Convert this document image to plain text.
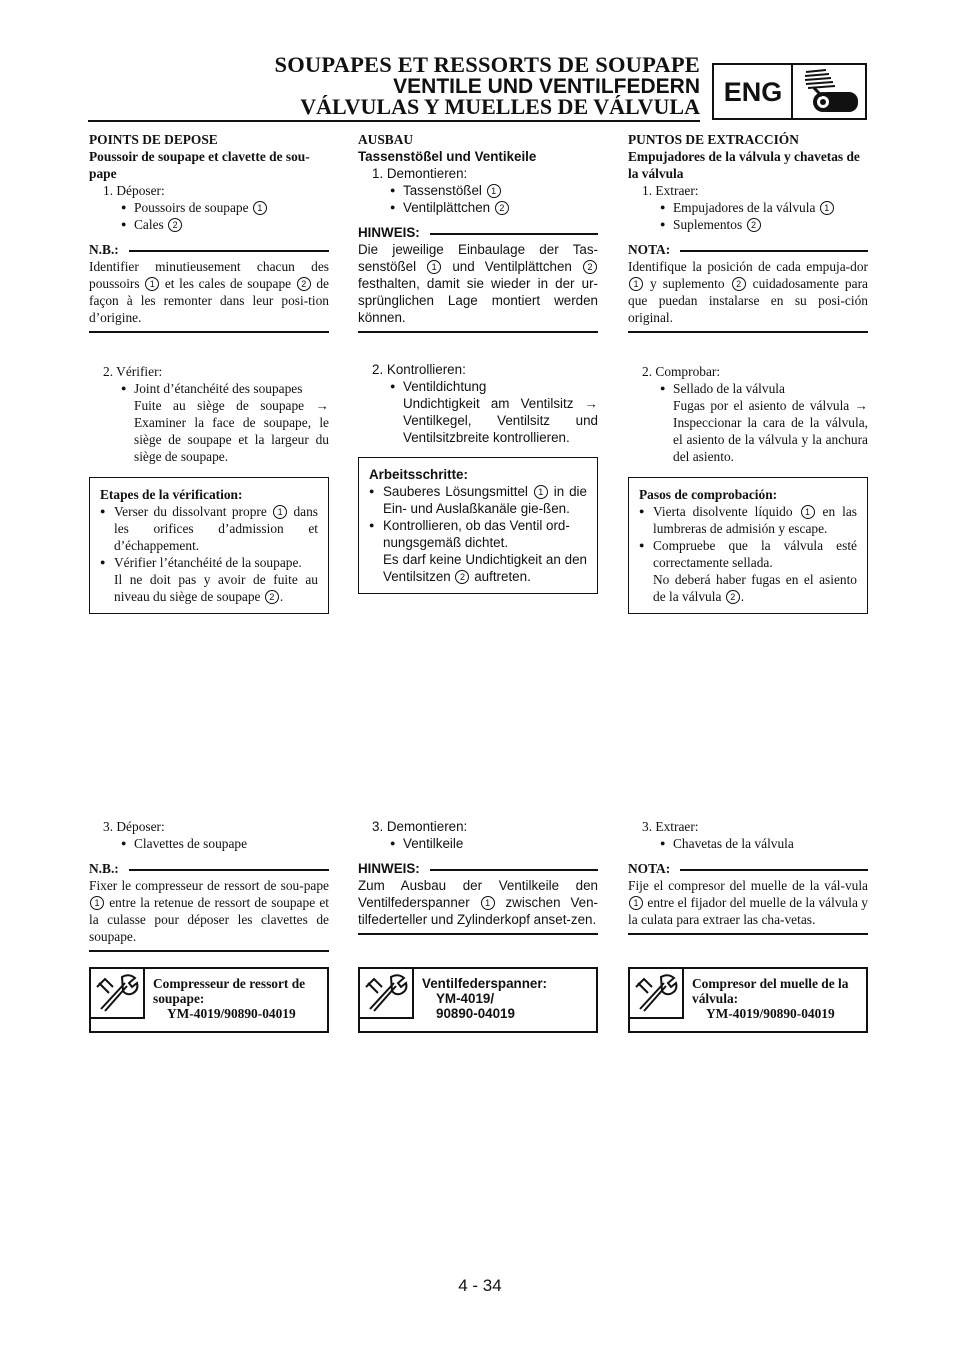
SOUPAPES ET RESSORTS DE SOUPAPE
VENTILE UND VENTILFEDERN
VÁLVULAS Y MUELLES DE VÁLVULA ENG

POINTS DE DEPOSE

Poussoir de soupape et clavette de sou-pape

1. Déposer:

● Poussoirs de soupape 1

● Cales 2

N.B.:

Identifier minutieusement chacun des poussoirs 1 et les cales de soupape 2 de façon à les remonter dans leur posi-tion d’origine.

2. Vérifier:

● Joint d’étanchéité des soupapes

Fuite au siège de soupape → Examiner la face de soupape, le siège de soupape et la largeur du siège de soupape.

Etapes de la vérification:

● Verser du dissolvant propre 1 dans les orifices d’admission et d’échappement.

● Vérifier l’étanchéité de la soupape.

Il ne doit pas y avoir de fuite au niveau du siège de soupape 2 .

3. Déposer:

● Clavettes de soupape

N.B.:

Fixer le compresseur de ressort de sou-pape 1 entre la retenue de ressort de soupape et la culasse pour déposer les clavettes de soupape.

Compresseur de ressort de soupape:
YM-4019/90890-04019

AUSBAU

Tassenstößel und Ventikeile

1. Demontieren:

● Tassenstößel 1

● Ventilplättchen 2

HINWEIS:

Die jeweilige Einbaulage der Tas-senstößel 1 und Ventilplättchen 2 festhalten, damit sie wieder in der ur-sprünglichen Lage montiert werden können.

2. Kontrollieren:

● Ventildichtung

Undichtigkeit am Ventilsitz → Ventilkegel, Ventilsitz und Ventilsitzbreite kontrollieren.

Arbeitsschritte:

● Sauberes Lösungsmittel 1 in die Ein- und Auslaßkanäle gie-ßen.

● Kontrollieren, ob das Ventil ord-nungsgemäß dichtet.

Es darf keine Undichtigkeit an den Ventilsitzen 2 auftreten.

3. Demontieren:

● Ventilkeile

HINWEIS:

Zum Ausbau der Ventilkeile den Ventilfederspanner 1 zwischen Ven-tilfederteller und Zylinderkopf anset-zen.

Ventilfederspanner:
YM-4019/
90890-04019

PUNTOS DE EXTRACCIÓN

Empujadores de la válvula y chavetas de la válvula

1. Extraer:

● Empujadores de la válvula 1

● Suplementos 2

NOTA:

Identifique la posición de cada empuja-dor 1 y suplemento 2 cuidadosamente para que puedan instalarse en su posi-ción original.

2. Comprobar:

● Sellado de la válvula

Fugas por el asiento de válvula → Inspeccionar la cara de la válvula, el asiento de la válvula y la anchura del asiento.

Pasos de comprobación:

● Vierta disolvente líquido 1 en las lumbreras de admisión y escape.

● Compruebe que la válvula esté correctamente sellada.

No deberá haber fugas en el asiento de la válvula 2 .

3. Extraer:

● Chavetas de la válvula

NOTA:

Fije el compresor del muelle de la vál-vula 1 entre el fijador del muelle de la válvula y la culata para extraer las cha-vetas.

Compresor del muelle de la válvula:
YM-4019/90890-04019
4 - 34
